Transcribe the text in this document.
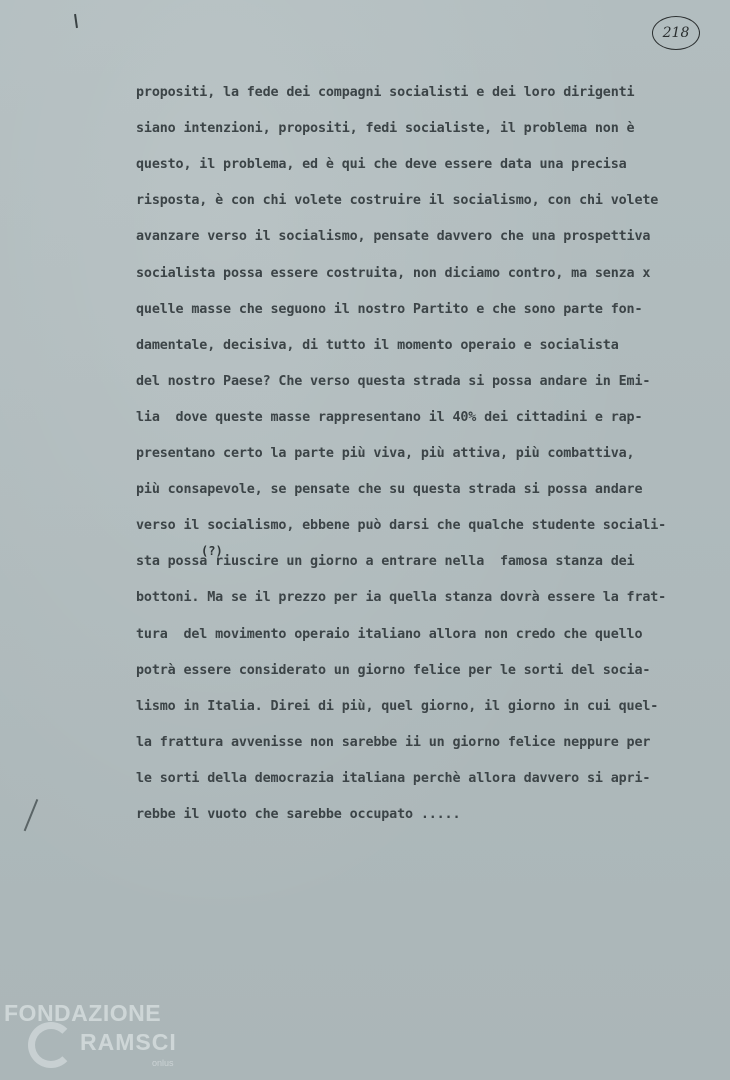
218
propositi, la fede dei compagni socialisti e dei loro dirigenti
siano intenzioni, propositi, fedi socialiste, il problema non è
questo, il problema, ed è qui che deve essere data una precisa
risposta, è con chi volete costruire il socialismo, con chi volete
avanzare verso il socialismo, pensate davvero che una prospettiva
socialista possa essere costruita, non diciamo contro, ma senza x
quelle masse che seguono il nostro Partito e che sono parte fon-
damentale, decisiva, di tutto il momento operaio e socialista
del nostro Paese? Che verso questa strada si possa andare in Emi-
lia  dove queste masse rappresentano il 40% dei cittadini e rap-
presentano certo la parte più viva, più attiva, più combattiva,
più consapevole, se pensate che su questa strada si possa andare
verso il socialismo, ebbene può darsi che qualche studente sociali-
sta possa riuscire un giorno a entrare nella  famosa stanza dei
bottoni. Ma se il prezzo per ia quella stanza dovrà essere la frat-
tura  del movimento operaio italiano allora non credo che quello
potrà essere considerato un giorno felice per le sorti del socia-
lismo in Italia. Direi di più, quel giorno, il giorno in cui quel-
la frattura avvenisse non sarebbe ii un giorno felice neppure per
le sorti della democrazia italiana perchè allora davvero si apri-
rebbe il vuoto che sarebbe occupato .....
(?)
FONDAZIONE
RAMSCI
onlus
